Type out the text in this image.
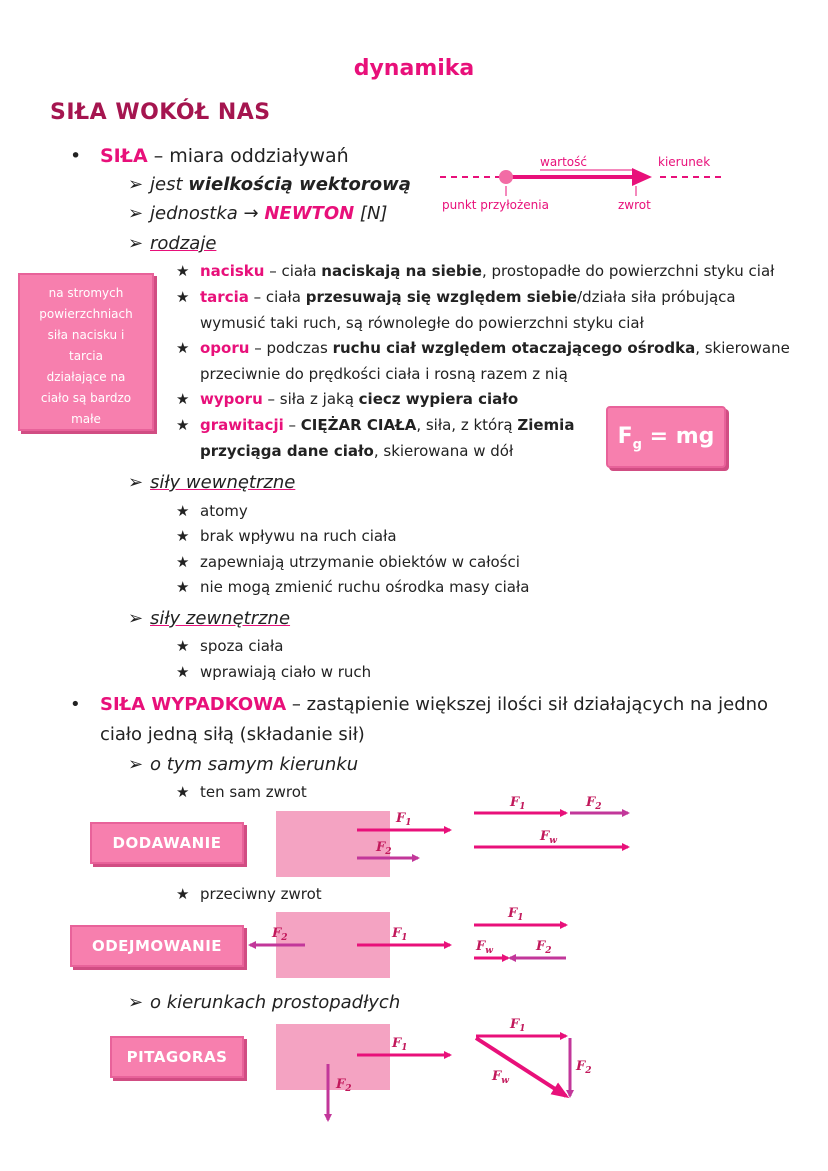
dynamika
SIŁA WOKÓŁ NAS
• SIŁA – miara oddziaływań
➢ jest wielkością wektorową
➢ jednostka → NEWTON [N]
➢ rodzaje
na stromych
powierzchniach
siła nacisku i
tarcia
działające na
ciało są bardzo
małe
★ nacisku – ciała naciskają na siebie, prostopadłe do powierzchni styku ciał
★ tarcia – ciała przesuwają się względem siebie/działa siła próbująca
wymusić taki ruch, są równoległe do powierzchni styku ciał
★ oporu – podczas ruchu ciał względem otaczającego ośrodka, skierowane
przeciwnie do prędkości ciała i rosną razem z nią
★ wyporu – siła z jaką ciecz wypiera ciało
★ grawitacji – CIĘŻAR CIAŁA, siła, z którą Ziemia
przyciąga dane ciało, skierowana w dół
$F_g$ = mg
➢ siły wewnętrzne
★ atomy
★ brak wpływu na ruch ciała
★ zapewniają utrzymanie obiektów w całości
★ nie mogą zmienić ruchu ośrodka masy ciała
➢ siły zewnętrzne
★ spoza ciała
★ wprawiają ciało w ruch
• SIŁA WYPADKOWA – zastąpienie większej ilości sił działających na jedno
ciało jedną siłą (składanie sił)
➢ o tym samym kierunku
★ ten sam zwrot
★ przeciwny zwrot
➢ o kierunkach prostopadłych
DODAWANIE
ODEJMOWANIE
PITAGORAS
wartość	kierunek
punkt przyłożenia	zwrot
$F_1$
$F_2$
$F_1$	$F_2$
$F_w$
$F_2$	$F_1$
$F_1$
$F_w$	$F_2$
$F_1$
$F_2$
$F_1$
$F_2$
$F_w$
